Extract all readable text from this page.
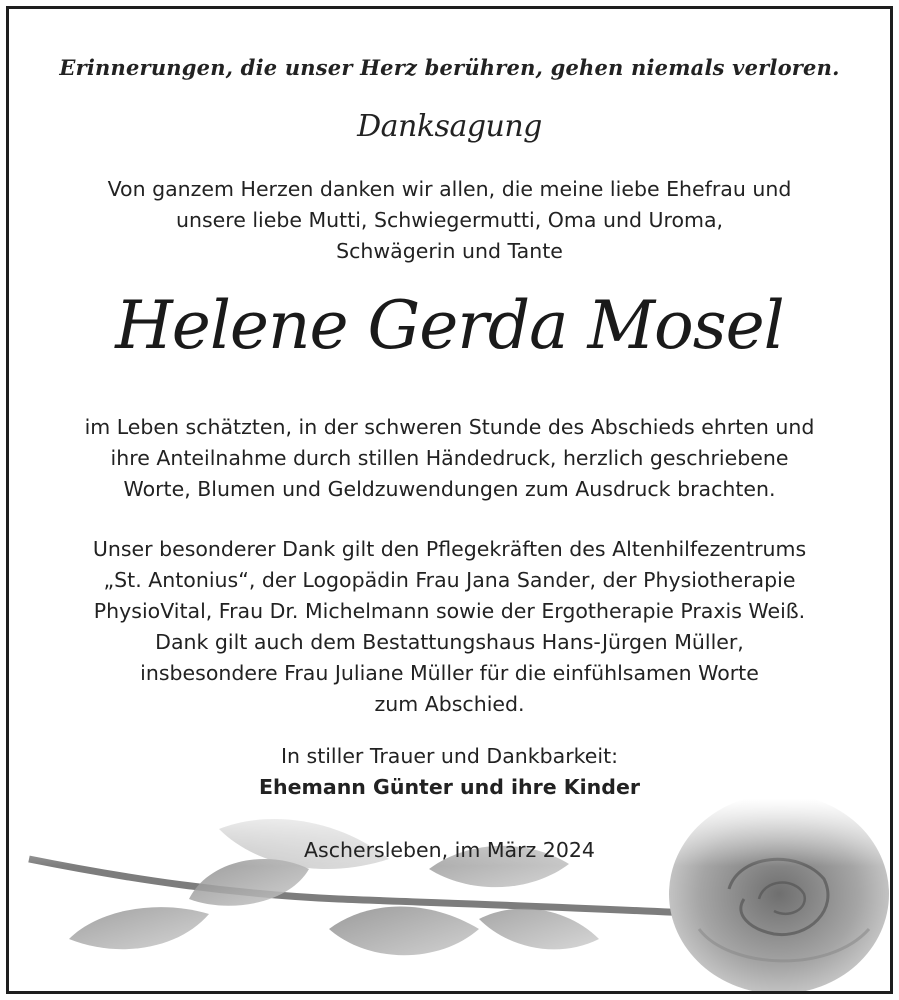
Erinnerungen, die unser Herz berühren, gehen niemals verloren.
Danksagung
Von ganzem Herzen danken wir allen, die meine liebe Ehefrau und
unsere liebe Mutti, Schwiegermutti, Oma und Uroma,
Schwägerin und Tante
Helene Gerda Mosel
im Leben schätzten, in der schweren Stunde des Abschieds ehrten und
ihre Anteilnahme durch stillen Händedruck, herzlich geschriebene
Worte, Blumen und Geldzuwendungen zum Ausdruck brachten.
Unser besonderer Dank gilt den Pflegekräften des Altenhilfezentrums
„St. Antonius“, der Logopädin Frau Jana Sander, der Physiotherapie
PhysioVital, Frau Dr. Michelmann sowie der Ergotherapie Praxis Weiß.
Dank gilt auch dem Bestattungshaus Hans-Jürgen Müller,
insbesondere Frau Juliane Müller für die einfühlsamen Worte
zum Abschied.
In stiller Trauer und Dankbarkeit:
Ehemann Günter und ihre Kinder
Aschersleben, im März 2024
